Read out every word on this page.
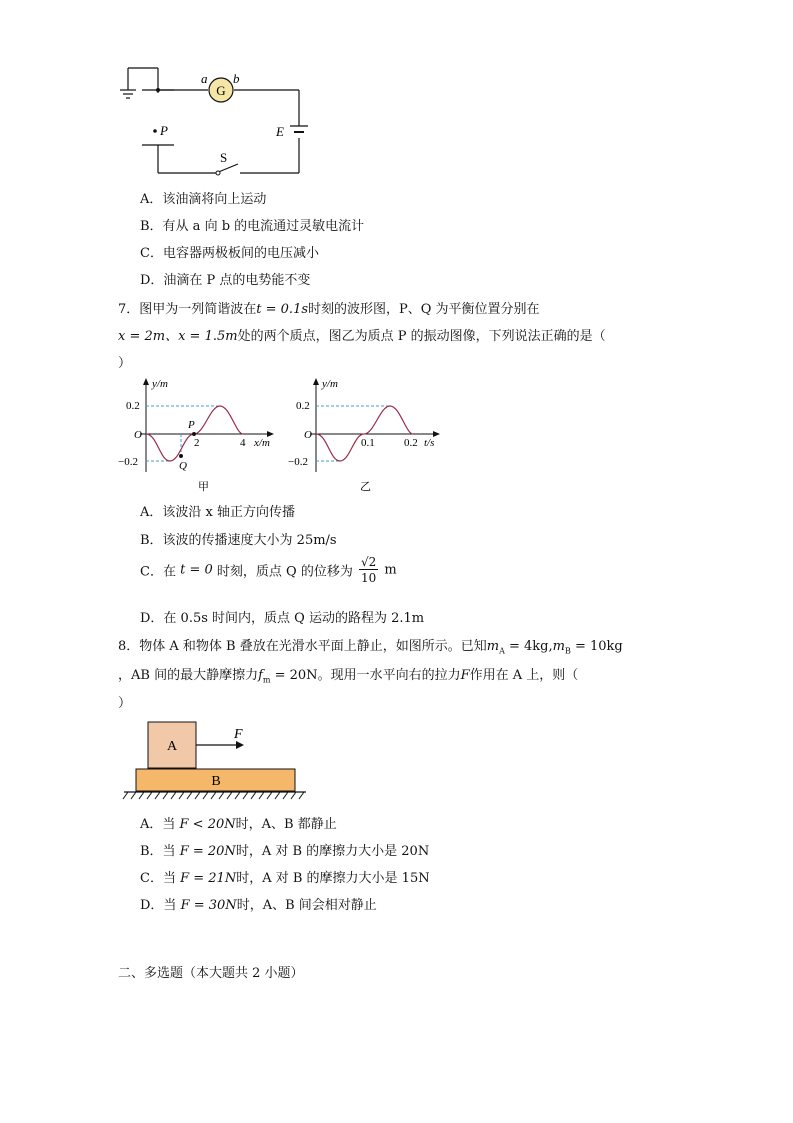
G
a b
P	E
S
A．该油滴将向上运动
B．有从 a 向 b 的电流通过灵敏电流计
C．电容器两极板间的电压减小
D．油滴在 P 点的电势能不变
7．图甲为一列简谐波在t = 0.1s时刻的波形图，P、Q 为平衡位置分别在
x = 2m、x = 1.5m处的两个质点，图乙为质点 P 的振动图像，下列说法正确的是（
）
y/m
x/m
O
0.2
−0.2
2	4
P
Q
甲
y/m
t/s
O
0.2
−0.2
0.1	0.2
乙
A．该波沿 x 轴正方向传播
B．该波的传播速度大小为 25m/s
C．在 t = 0 时刻，质点 Q 的位移为 $\frac{√2}{10}$ m
D．在 0.5s 时间内，质点 Q 运动的路程为 2.1m
8．物体 A 和物体 B 叠放在光滑水平面上静止，如图所示。已知$m_A = 4kg,m_B = 10kg$
，AB 间的最大静摩擦力$f_m = 20N$。现用一水平向右的拉力F作用在 A 上，则（
）
A
B
F
A．当 F < 20N时，A、B 都静止
B．当 F = 20N时，A 对 B 的摩擦力大小是 20N
C．当 F = 21N时，A 对 B 的摩擦力大小是 15N
D．当 F = 30N时，A、B 间会相对静止
二、多选题（本大题共 2 小题）
